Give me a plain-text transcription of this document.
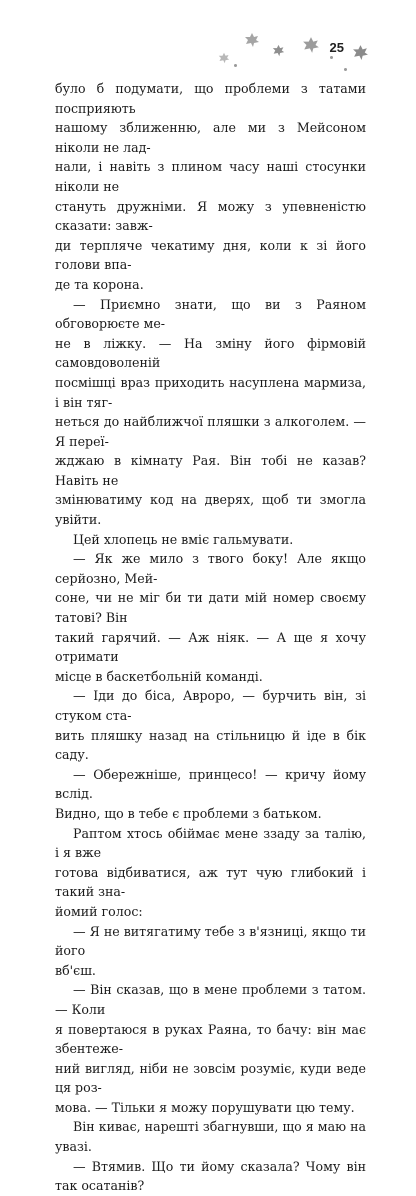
25

було б подумати, що проблеми з татами посприяють
нашому зближенню, але ми з Мейсоном ніколи не лад-
нали, і навіть з плином часу наші стосунки ніколи не
стануть дружніми. Я можу з упевненістю сказати: завж-
ди терпляче чекатиму дня, коли к зі його голови впа-
де та корона.

— Приємно знати, що ви з Раяном обговорюєте ме-
не в ліжку. — На зміну його фірмовій самовдоволеній
посмішці враз приходить насуплена мармиза, і він тяг-
неться до найближчої пляшки з алкоголем. — Я переї-
жджаю в кімнату Рая. Він тобі не казав? Навіть не
змінюватиму код на дверях, щоб ти змогла увійти.

Цей хлопець не вміє гальмувати.

— Як же мило з твого боку! Але якщо серйозно, Мей-
соне, чи не міг би ти дати мій номер своєму татові? Він
такий гарячий. — Аж ніяк. — А ще я хочу отримати
місце в баскетбольній команді.

— Іди до біса, Авроро, — бурчить він, зі стуком ста-
вить пляшку назад на стільницю й іде в бік саду.

— Обережніше, принцесо! — кричу йому вслід.
Видно, що в тебе є проблеми з батьком.

Раптом хтось обіймає мене ззаду за талію, і я вже
готова відбиватися, аж тут чую глибокий і такий зна-
йомий голос:

— Я не витягатиму тебе з в'язниці, якщо ти його
вб'єш.

— Він сказав, що в мене проблеми з татом. — Коли
я повертаюся в руках Раяна, то бачу: він має збентеже-
ний вигляд, ніби не зовсім розуміє, куди веде ця роз-
мова. — Тільки я можу порушувати цю тему.

Він киває, нарешті збагнувши, що я маю на увазі.

— Втямив. Що ти йому сказала? Чому він так осатанів?
